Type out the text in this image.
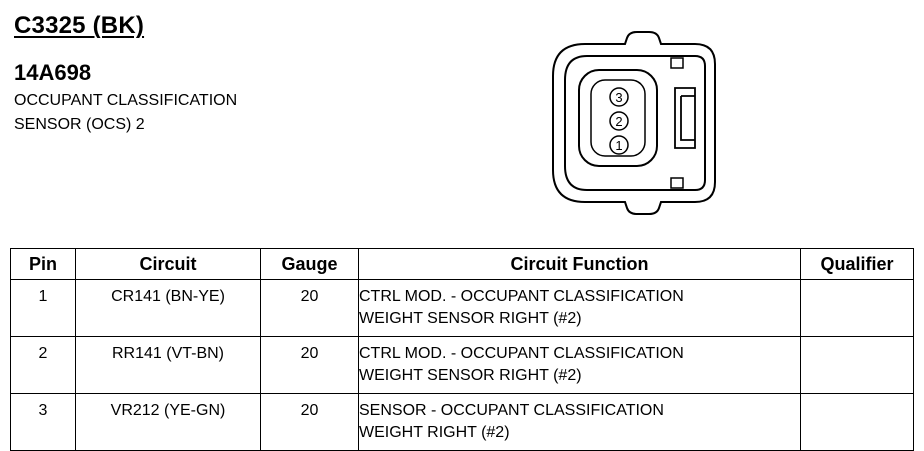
C3325 (BK)
14A698
OCCUPANT CLASSIFICATION
SENSOR (OCS) 2
3
2
1
Pin	Circuit	Gauge	Circuit Function	Qualifier
1	CR141 (BN-YE)	20	CTRL MOD. - OCCUPANT CLASSIFICATION
WEIGHT SENSOR RIGHT (#2)	

2	RR141 (VT-BN)	20	CTRL MOD. - OCCUPANT CLASSIFICATION
WEIGHT SENSOR RIGHT (#2)	

3	VR212 (YE-GN)	20	SENSOR - OCCUPANT CLASSIFICATION
WEIGHT RIGHT (#2)	
